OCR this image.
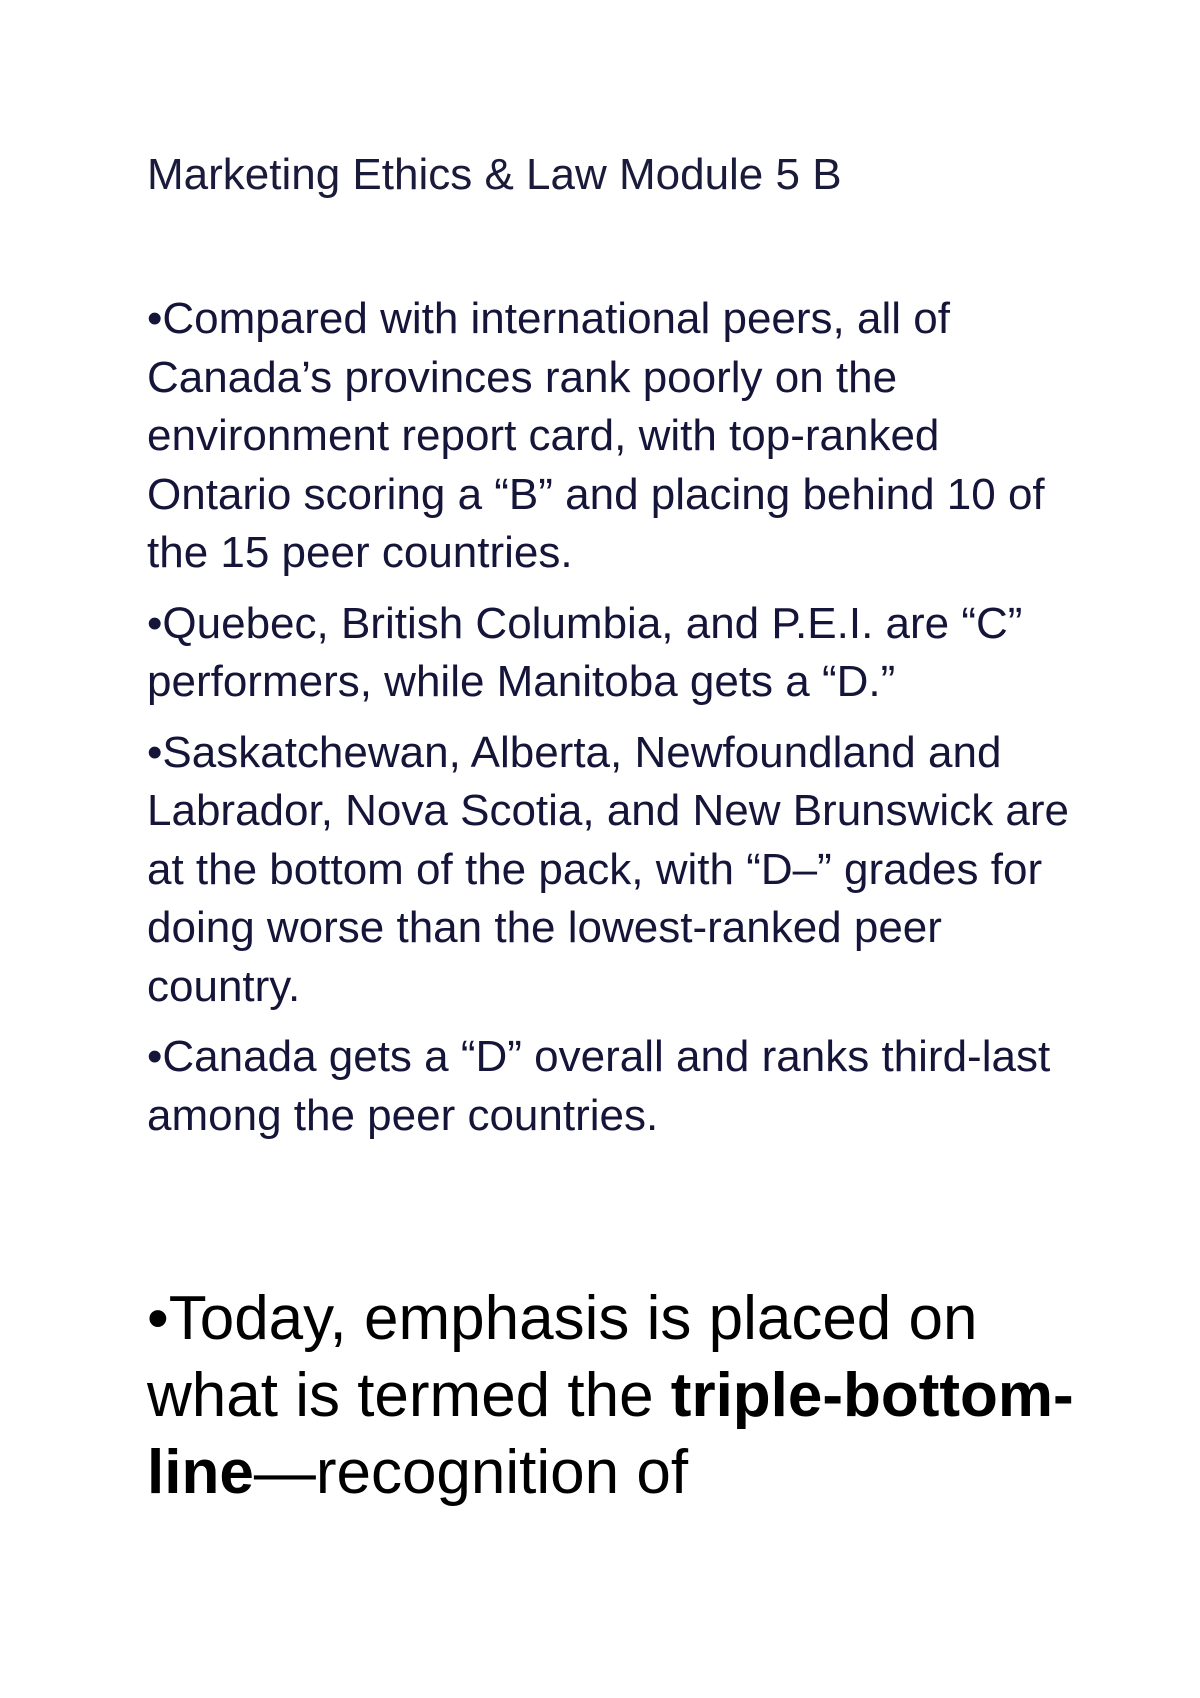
Marketing Ethics & Law Module 5 B
•Compared with international peers, all of Canada’s provinces rank poorly on the environment report card, with top-ranked Ontario scoring a “B” and placing behind 10 of the 15 peer countries.
•Quebec, British Columbia, and P.E.I. are “C” performers, while Manitoba gets a “D.”
•Saskatchewan, Alberta, Newfoundland and Labrador, Nova Scotia, and New Brunswick are at the bottom of the pack, with “D–” grades for doing worse than the lowest-ranked peer country.
•Canada gets a “D” overall and ranks third-last among the peer countries.

•Today, emphasis is placed on what is termed the triple-bottom-line—recognition of
